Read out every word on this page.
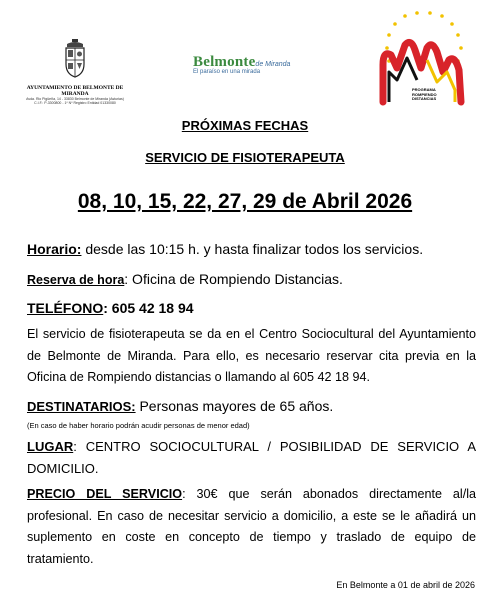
AYUNTAMIENTO DE BELMONTE DE MIRANDA
Avda. Rio Pigüeña, 14 - 33830 Belmonte de Miranda (Asturias)
C.I.F.: P-3300800 - 1º Nº Registro Entidad 01330080
Belmontede Miranda
El paraíso en una mirada
PROGRAMA
ROMPIENDO
DISTANCIAS
PRÓXIMAS FECHAS
SERVICIO DE FISIOTERAPEUTA
08, 10, 15, 22, 27, 29 de Abril 2026
Horario: desde las 10:15 h. y hasta finalizar todos los servicios.
Reserva de hora: Oficina de Rompiendo Distancias.
TELÉFONO: 605 42 18 94
El servicio de fisioterapeuta se da en el Centro Sociocultural del Ayuntamiento de Belmonte de Miranda. Para ello, es necesario reservar cita previa en la Oficina de Rompiendo distancias o llamando al 605 42 18 94.
DESTINATARIOS: Personas mayores de 65 años.
(En caso de haber horario podrán acudir personas de menor edad)
LUGAR: CENTRO SOCIOCULTURAL / POSIBILIDAD DE SERVICIO A DOMICILIO.
PRECIO DEL SERVICIO: 30€ que serán abonados directamente al/la profesional. En caso de necesitar servicio a domicilio, a este se le añadirá un suplemento en coste en concepto de tiempo y traslado de equipo de tratamiento.
En Belmonte a 01 de abril de 2026
